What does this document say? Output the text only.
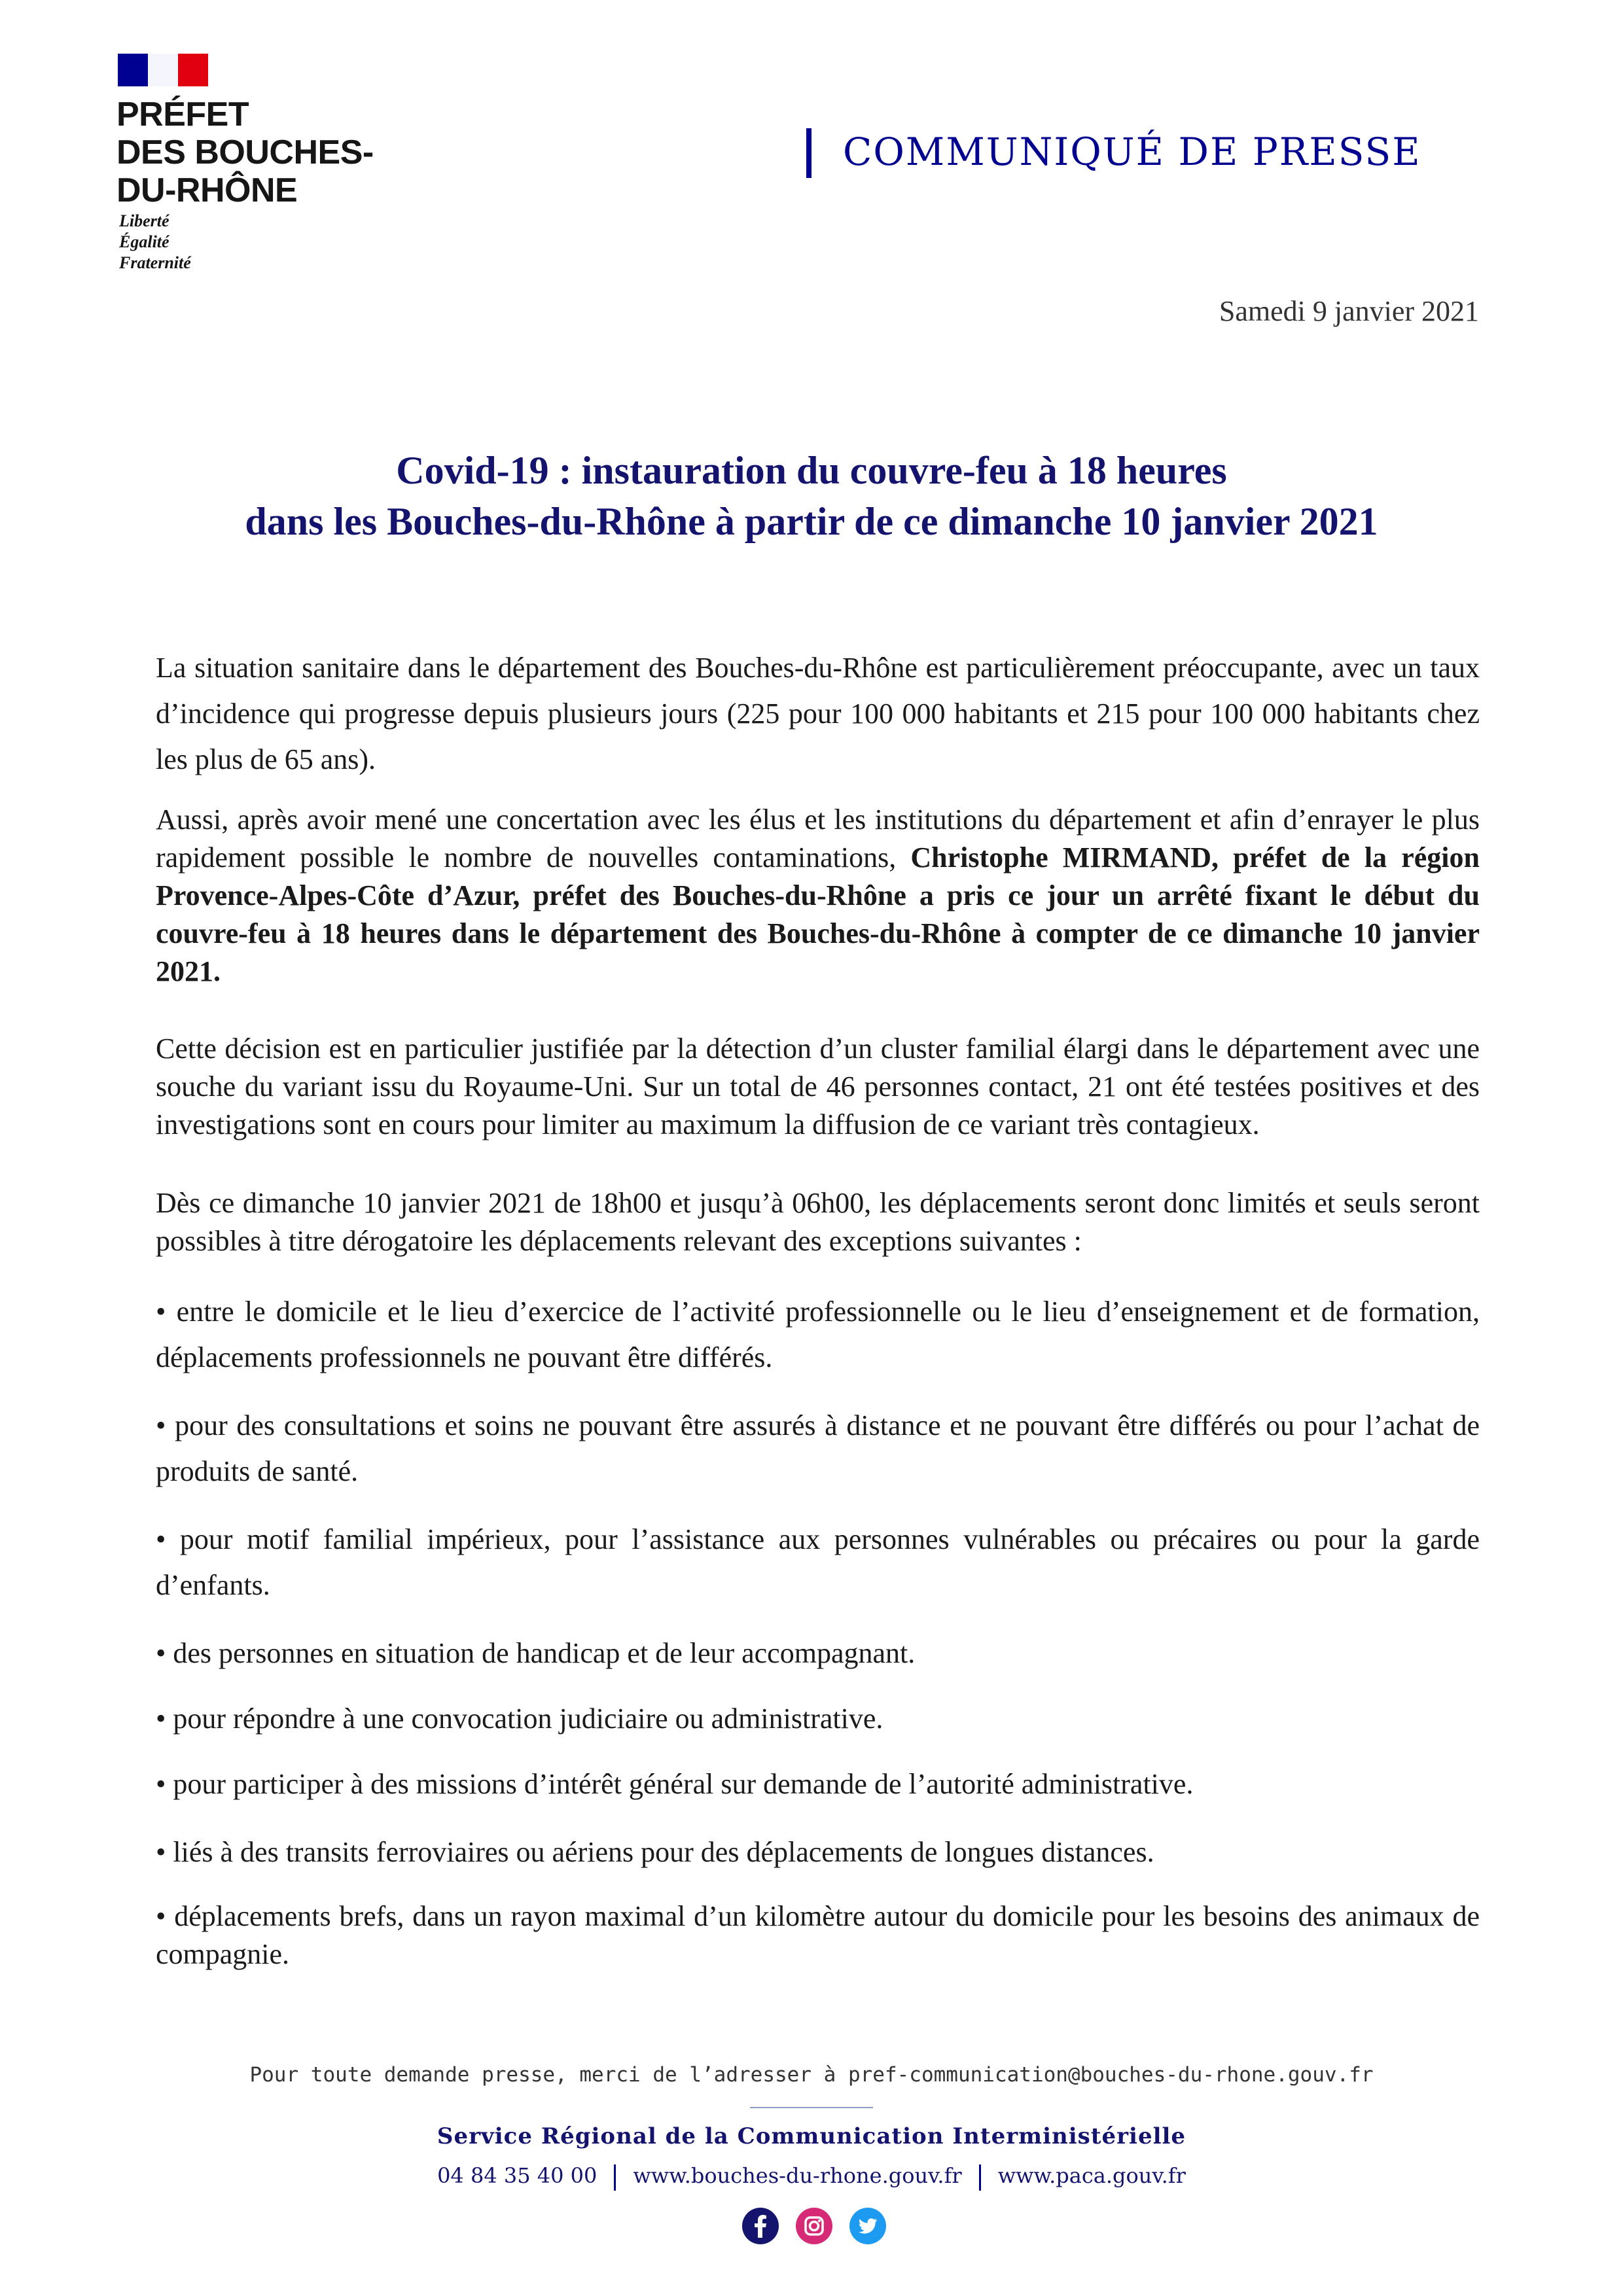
PRÉFET
DES BOUCHES-
DU-RHÔNE
Liberté
Égalité
Fraternité
COMMUNIQUÉ DE PRESSE
Samedi 9 janvier 2021
Covid-19 : instauration du couvre-feu à 18 heures
dans les Bouches-du-Rhône à partir de ce dimanche 10 janvier 2021

La situation sanitaire dans le département des Bouches-du-Rhône est particulièrement préoccupante, avec un taux d’incidence qui progresse depuis plusieurs jours (225 pour 100 000 habitants et 215 pour 100 000 habitants chez les plus de 65 ans).

Aussi, après avoir mené une concertation avec les élus et les institutions du département et afin d’enrayer le plus rapidement possible le nombre de nouvelles contaminations, Christophe MIRMAND, préfet de la région Provence-Alpes-Côte d’Azur, préfet des Bouches-du-Rhône a pris ce jour un arrêté fixant le début du couvre-feu à 18 heures dans le département des Bouches-du-Rhône à compter de ce dimanche 10 janvier 2021.

Cette décision est en particulier justifiée par la détection d’un cluster familial élargi dans le département avec une souche du variant issu du Royaume-Uni. Sur un total de 46 personnes contact, 21 ont été testées positives et des investigations sont en cours pour limiter au maximum la diffusion de ce variant très contagieux.

Dès ce dimanche 10 janvier 2021 de 18h00 et jusqu’à 06h00, les déplacements seront donc limités et seuls seront possibles à titre dérogatoire les déplacements relevant des exceptions suivantes :

• entre le domicile et le lieu d’exercice de l’activité professionnelle ou le lieu d’enseignement et de formation, déplacements professionnels ne pouvant être différés.

• pour des consultations et soins ne pouvant être assurés à distance et ne pouvant être différés ou pour l’achat de produits de santé.

• pour motif familial impérieux, pour l’assistance aux personnes vulnérables ou précaires ou pour la garde d’enfants.

• des personnes en situation de handicap et de leur accompagnant.

• pour répondre à une convocation judiciaire ou administrative.

• pour participer à des missions d’intérêt général sur demande de l’autorité administrative.

• liés à des transits ferroviaires ou aériens pour des déplacements de longues distances.

• déplacements brefs, dans un rayon maximal d’un kilomètre autour du domicile pour les besoins des animaux de compagnie.

Pour toute demande presse, merci de l’adresser à pref-communication@bouches-du-rhone.gouv.fr
Service Régional de la Communication Interministérielle
04 84 35 40 00 www.bouches-du-rhone.gouv.fr www.paca.gouv.fr
